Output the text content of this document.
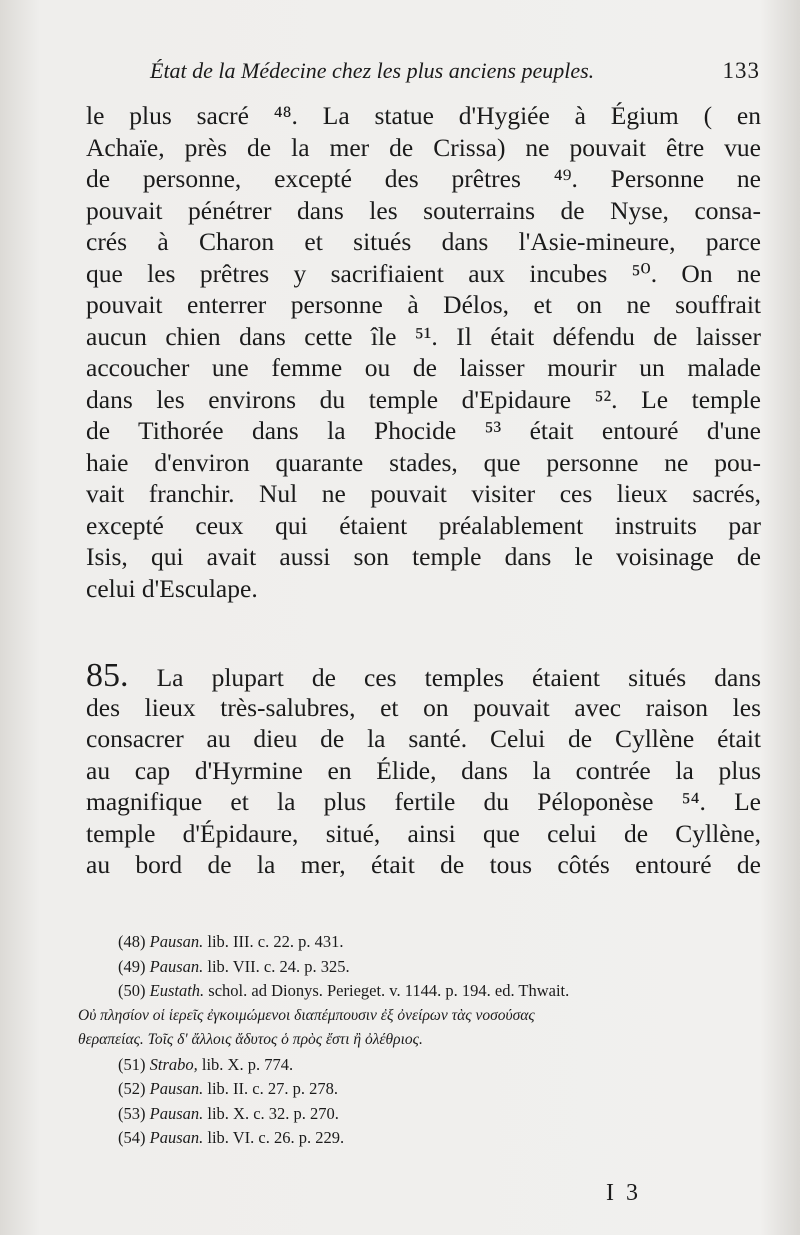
État de la Médecine chez les plus anciens peuples.	133
le plus sacré ⁴⁸. La statue d'Hygiée à Égium ( en
Achaïe, près de la mer de Crissa) ne pouvait être vue
de personne, excepté des prêtres ⁴⁹. Personne ne
pouvait pénétrer dans les souterrains de Nyse, consa-
crés à Charon et situés dans l'Asie-mineure, parce
que les prêtres y sacrifiaient aux incubes ⁵⁰. On ne
pouvait enterrer personne à Délos, et on ne souffrait
aucun chien dans cette île ⁵¹. Il était défendu de laisser
accoucher une femme ou de laisser mourir un malade
dans les environs du temple d'Epidaure ⁵². Le temple
de Tithorée dans la Phocide ⁵³ était entouré d'une
haie d'environ quarante stades, que personne ne pou-
vait franchir. Nul ne pouvait visiter ces lieux sacrés,
excepté ceux qui étaient préalablement instruits par
Isis, qui avait aussi son temple dans le voisinage de
celui d'Esculape.
85. La plupart de ces temples étaient situés dans
des lieux très-salubres, et on pouvait avec raison les
consacrer au dieu de la santé. Celui de Cyllène était
au cap d'Hyrmine en Élide, dans la contrée la plus
magnifique et la plus fertile du Péloponèse ⁵⁴. Le
temple d'Épidaure, situé, ainsi que celui de Cyllène,
au bord de la mer, était de tous côtés entouré de
(48) Pausan. lib. III. c. 22. p. 431.
(49) Pausan. lib. VII. c. 24. p. 325.
(50) Eustath. schol. ad Dionys. Perieget. v. 1144. p. 194. ed. Thwait.
Οὐ πλησίον οἱ ἱερεῖς ἐγκοιμώμενοι διαπέμπουσιν ἐξ ὀνείρων τὰς νοσούσας
θεραπείας. Τοῖς δ' ἄλλοις ἄδυτος ὁ πρὸς ἔστι ἢ ὀλέθριος.
(51) Strabo, lib. X. p. 774.
(52) Pausan. lib. II. c. 27. p. 278.
(53) Pausan. lib. X. c. 32. p. 270.
(54) Pausan. lib. VI. c. 26. p. 229.
I 3
